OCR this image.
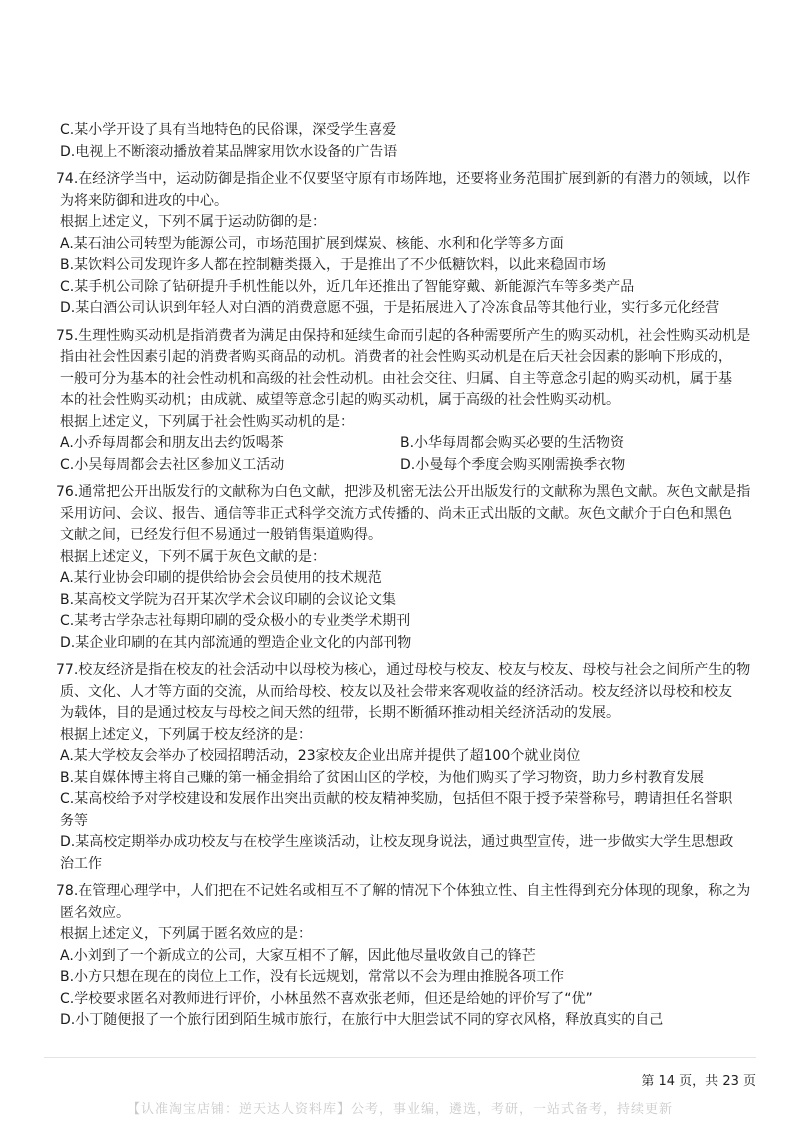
C.某小学开设了具有当地特色的民俗课，深受学生喜爱
D.电视上不断滚动播放着某品牌家用饮水设备的广告语
74.在经济学当中，运动防御是指企业不仅要坚守原有市场阵地，还要将业务范围扩展到新的有潜力的领域，以作
为将来防御和进攻的中心。
根据上述定义，下列不属于运动防御的是：
A.某石油公司转型为能源公司，市场范围扩展到煤炭、核能、水利和化学等多方面
B.某饮料公司发现许多人都在控制糖类摄入，于是推出了不少低糖饮料，以此来稳固市场
C.某手机公司除了钻研提升手机性能以外，近几年还推出了智能穿戴、新能源汽车等多类产品
D.某白酒公司认识到年轻人对白酒的消费意愿不强，于是拓展进入了冷冻食品等其他行业，实行多元化经营
75.生理性购买动机是指消费者为满足由保持和延续生命而引起的各种需要所产生的购买动机，社会性购买动机是
指由社会性因素引起的消费者购买商品的动机。消费者的社会性购买动机是在后天社会因素的影响下形成的，
一般可分为基本的社会性动机和高级的社会性动机。由社会交往、归属、自主等意念引起的购买动机，属于基
本的社会性购买动机；由成就、威望等意念引起的购买动机，属于高级的社会性购买动机。
根据上述定义，下列属于社会性购买动机的是：
A.小乔每周都会和朋友出去约饭喝茶	B.小华每周都会购买必要的生活物资
C.小吴每周都会去社区参加义工活动	D.小曼每个季度会购买刚需换季衣物
76.通常把公开出版发行的文献称为白色文献，把涉及机密无法公开出版发行的文献称为黑色文献。灰色文献是指
采用访问、会议、报告、通信等非正式科学交流方式传播的、尚未正式出版的文献。灰色文献介于白色和黑色
文献之间，已经发行但不易通过一般销售渠道购得。
根据上述定义，下列不属于灰色文献的是：
A.某行业协会印刷的提供给协会会员使用的技术规范
B.某高校文学院为召开某次学术会议印刷的会议论文集
C.某考古学杂志社每期印刷的受众极小的专业类学术期刊
D.某企业印刷的在其内部流通的塑造企业文化的内部刊物
77.校友经济是指在校友的社会活动中以母校为核心，通过母校与校友、校友与校友、母校与社会之间所产生的物
质、文化、人才等方面的交流，从而给母校、校友以及社会带来客观收益的经济活动。校友经济以母校和校友
为载体，目的是通过校友与母校之间天然的纽带，长期不断循环推动相关经济活动的发展。
根据上述定义，下列属于校友经济的是：
A.某大学校友会举办了校园招聘活动，23家校友企业出席并提供了超100个就业岗位
B.某自媒体博主将自己赚的第一桶金捐给了贫困山区的学校，为他们购买了学习物资，助力乡村教育发展
C.某高校给予对学校建设和发展作出突出贡献的校友精神奖励，包括但不限于授予荣誉称号，聘请担任名誉职
务等
D.某高校定期举办成功校友与在校学生座谈活动，让校友现身说法，通过典型宣传，进一步做实大学生思想政
治工作
78.在管理心理学中，人们把在不记姓名或相互不了解的情况下个体独立性、自主性得到充分体现的现象，称之为
匿名效应。
根据上述定义，下列属于匿名效应的是：
A.小刘到了一个新成立的公司，大家互相不了解，因此他尽量收敛自己的锋芒
B.小方只想在现在的岗位上工作，没有长远规划，常常以不会为理由推脱各项工作
C.学校要求匿名对教师进行评价，小林虽然不喜欢张老师，但还是给她的评价写了“优”
D.小丁随便报了一个旅行团到陌生城市旅行，在旅行中大胆尝试不同的穿衣风格，释放真实的自己
第 14 页，共 23 页
【认准淘宝店铺：逆天达人资料库】公考，事业编，遴选，考研，一站式备考，持续更新
